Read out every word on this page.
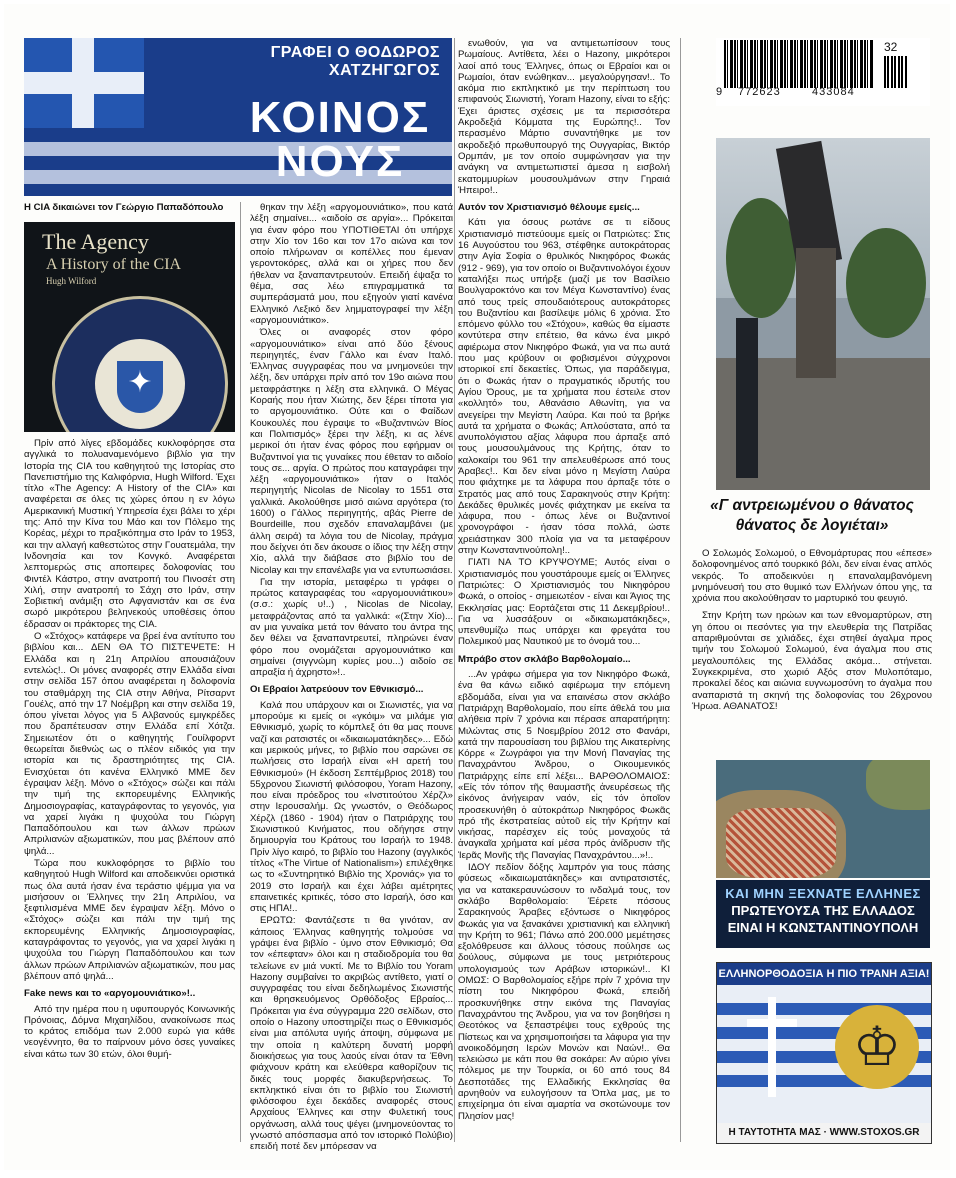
ΓΡΑΦΕΙ Ο ΘΟΔΩΡΟΣ
ΧΑΤΖΗΓΩΓΟΣ
ΚΟΙΝΟΣ
ΝΟΥΣ
9 772623	433084
32
Η CIA δικαιώνει τον Γεώργιο Παπαδόπουλο
The Agency
A History of the CIA
Hugh Wilford
✦

Πρίν από λίγες εβδομάδες κυκλοφόρησε στα αγγλικά το πολυαναμενόμενο βιβλίο για την Ιστορία της CIA του καθηγητού της Ιστορίας στο Πανεπιστήμιο της Καλιφόρνια, Hugh Wilford. Έχει τίτλο «The Agency: A History of the CIA» και αναφέρεται σε όλες τις χώρες όπου η εν λόγω Αμερικανική Μυστική Υπηρεσία έχει βάλει το χέρι της: Από την Κίνα του Μάο και τον Πόλεμο της Κορέας, μέχρι το πραξικόπημα στο Ιράν το 1953, και την αλλαγή καθεστώτος στην Γουατεμάλα, την Ινδονησία και τον Κονγκό. Αναφέρεται λεπτομερώς στις αποπειρες δολοφονίας του Φιντέλ Κάστρο, στην ανατροπή του Πινοσέτ στη Χιλή, στην ανατροπή το Σάχη στο Ιράν, στην Σοβιετική ανάμιξη στο Αφγανιστάν και σε ένα σωρό μικρότερου βεληνεκούς υποθέσεις όπου έδρασαν οι πράκτορες της CIA.

Ο «Στόχος» κατάφερε να βρεί ένα αντίτυπο του βιβλίου και... ΔΕΝ ΘΑ ΤΟ ΠΙΣΤΈΨΕΤΕ: Η Ελλάδα και η 21η Απριλίου απουσιάζουν εντελώς!.. Οι μόνες αναφορές στην Ελλάδα είναι στην σελίδα 157 όπου αναφέρεται η δολοφονία του σταθμάρχη της CIA στην Αθήνα, Ρίτσαρντ Γουέλς, από την 17 Νοέμβρη και στην σελίδα 19, όπου γίνεται λόγος για 5 Αλβανούς εμιγκρέδες που δραπέτευσαν στην Ελλάδα επί Χότζα. Σημειωτέον ότι ο καθηγητής Γουίλφορντ θεωρείται διεθνώς ως ο πλέον ειδικός για την ιστορία και τις δραστηριότητες της CIA. Ενισχύεται ότι κανένα Ελληνικό ΜΜΕ δεν έγραψαν λέξη. Μόνο ο «Στόχος» σώζει και πάλι την τιμή της εκπορευμένης Ελληνικής Δημοσιογραφίας, καταγράφοντας το γεγονός, για να χαρεί λιγάκι η ψυχούλα του Γιώργη Παπαδόπουλου και των άλλων πρώων Απριλιανών αξιωματικών, που μας βλέπουν από ψηλά...

Τώρα που κυκλοφόρησε το βιβλίο του καθηγητού Hugh Wilford και αποδεικνύει οριστικά πως όλα αυτά ήσαν ένα τεράστιο ψέμμα για να μισήσουν οι Έλληνες την 21η Απριλίου, να ξεφτιλισμένα ΜΜΕ δεν έγραψαν λέξη. Μόνο ο «Στόχος» σώζει και πάλι την τιμή της εκπορευμένης Ελληνικής Δημοσιογραφίας, καταγράφοντας το γεγονός, για να χαρεί λιγάκι η ψυχούλα του Γιώργη Παπαδόπουλου και των άλλων πρώων Απριλιανών αξιωματικών, που μας βλέπουν από ψηλά...

Fake news και το «αργομουνιάτικο»!..

Από την ημέρα που η υφυπουργός Κοινωνικής Πρόνοιας, Δόμνα Μιχαηλίδου, ανακοίνωσε πως το κράτος επιδόμα των 2.000 ευρώ για κάθε νεογέννητο, θα το παίρνουν μόνο όσες γυναίκες είναι κάτω των 30 ετών, όλοι θυμή-

θηκαν την λέξη «αργομουνιάτικο», που κατά λέξη σημαίνει... «αιδοίο σε αργία»... Πρόκειται για έναν φόρο που ΥΠΟΤΙΘΕΤΑΙ ότι υπήρχε στην Χίο τον 16ο και τον 17ο αιώνα και τον οποίο πλήρωναν οι κοπέλλες που έμεναν γεροντοκόρες, αλλά και οι χήρες που δεν ήθελαν να ξαναπαντρευτούν. Επειδή έψαξα το θέμα, σας λέω επιγραμματικά τα συμπεράσματά μου, που εξηγούν γιατί κανένα Ελληνικό Λεξικό δεν λημματογραφεί την λέξη «αργομουνιάτικο».

Όλες οι αναφορές στον φόρο «αργομουνιάτικο» είναι από δύο ξένους περιηγητές, έναν Γάλλο και έναν Ιταλό. Έλληνας συγγραφέας που να μνημονεύει την λέξη, δεν υπάρχει πρίν από τον 19ο αιώνα που μεταφράστηκε η λέξη στα ελληνικά. Ο Μέγας Κοραής που ήταν Χιώτης, δεν ξέρει τίποτα για το αργομουνιάτικο. Ούτε και ο Φαίδων Κουκουλές που έγραψε το «Βυζαντινών Βίος και Πολιτισμός» ξέρει την λέξη, κι ας λένε μερικοί ότι ήταν ένας φόρος που εφήρμαν οι Βυζαντινοί για τις γυναίκες που έθεταν το αιδοίο τους σε... αργία. Ο πρώτος που καταγράφει την λέξη «αργομουνιάτικο» ήταν ο Ιταλός περιηγητής Nicolas de Nicolay το 1551 στα γαλλικά. Ακολούθησε μισό αιώνα αργότερα (το 1600) ο Γάλλος περιηγητής, αβάς Pierre de Bourdeille, που σχεδόν επαναλαμβάνει (με άλλη σειρά) τα λόγια του de Nicolay, πράγμα που δείχνει ότι δεν άκουσε ο ίδιος την λέξη στην Χίο, αλλά την διάβασε στο βιβλίο του de Nicolay και την επανέλαβε για να εντυπωσιάσει.

Για την ιστορία, μεταφέρω τι γράφει ο πρώτος καταγραφέας του «αργομουνιάτικου» (σ.σ.: χωρίς υ!..) , Nicolas de Nicolay, μεταφράζοντας από τα γαλλικά: «(Στην Χίο)... αν μια γυναίκα μετά τον θάνατο του άντρα της δεν θέλει να ξαναπαντρευτεί, πληρώνει έναν φόρο που ονομάζεται αργομουνιάτικο και σημαίνει (σιγγνώμη κυρίες μου...) αιδοίο σε απραξία ή άχρηστο»!..

Οι Εβραίοι λατρεύουν τον Εθνικισμό...

Καλά που υπάρχουν και οι Σιωνιστές, για να μπορούμε κι εμείς οι «γκόιμ» να μιλάμε για Εθνικισμό, χωρίς το κόμπλεξ ότι θα μας πουνε ναζί και ρατσιστές οι «δικαιωματάκηδες»... Εδώ και μερικούς μήνες, το βιβλίο που σαρώνει σε πωλήσεις στο Ισραήλ είναι «Η αρετή του Εθνικισμού» (Η έκδοση Σεπτέμβριος 2018) του 55χρονου Σιωνιστή φιλόσοφου, Yoram Hazony, που είναι πρόεδρος του «Ινστιτούτου Χέρζλ» στην Ιερουσαλήμ. Ως γνωστόν, ο Θεόδωρος Χέρζλ (1860 - 1904) ήταν ο Πατριάρχης του Σιωνιστικού Κινήματος, που οδήγησε στην δημιουργία του Κράτους του Ισραήλ το 1948. Πρίν λίγο καιρό, το βιβλίο του Hazony (αγγλικός τίτλος «The Virtue of Nationalism») επιλέχθηκε ως το «Συντηρητικό Βιβλίο της Χρονιάς» για το 2019 στο Ισραήλ και έχει λάβει αμέτρητες επαινετικές κριτικές, τόσο στο Ισραήλ, όσο και στις ΗΠΑ!..

ΕΡΩΤΩ: Φαντάζεστε τι θα γινόταν, αν κάποιος Έλληνας καθηγητής τολμούσε να γράψει ένα βιβλίο - ύμνο στον Εθνικισμό; Θα τον «έπεφταν» όλοι και η σταδιοδρομία του θα τελείωνε εν μιά νυκτί. Με το Βιβλίο του Yoram Hazony συμβαίνει το ακριβώς αντίθετο, γιατί ο συγγραφέας του είναι δεδηλωμένος Σιωνιστής και θρησκευόμενος Ορθόδοξος Εβραίος... Πρόκειται για ένα σύγγραμμα 220 σελίδων, στο οποίο ο Hazony υποστηρίζει πως ο Εθνικισμός είναι μια απόλυτα υγιής άποψη, σύμφωνα με την οποία η καλύτερη δυνατή μορφή διοικήσεως για τους λαούς είναι όταν τα Έθνη φιάχνουν κράτη και ελεύθερα καθορίζουν τις δικές τους μορφές διακυβερνήσεως. Το εκπληκτικό είναι ότι το βιβλίο του Σιωνιστή φιλόσοφου έχει δεκάδες αναφορές στους Αρχαίους Έλληνες και στην Φυλετική τους οργάνωση, αλλά τους ψέγει (μνημονεύοντας το γνωστό απόσπασμα από τον ιστορικό Πολύβιο) επειδή ποτέ δεν μπόρεσαν να

ενωθούν, για να αντιμετωπίσουν τους Ρωμαίους. Αντίθετα, λέει ο Hazony, μικρότεροι λαοί από τους Έλληνες, όπως οι Εβραίοι και οι Ρωμαίοι, όταν ενώθηκαν... μεγαλούργησαν!.. Το ακόμα πιο εκπληκτικό με την περίπτωση του επιφανούς Σιωνιστή, Yoram Hazony, είναι το εξής: Έχει άριστες σχέσεις με τα περισσότερα Ακροδεξιά Κόμματα της Ευρώπης!.. Τον περασμένο Μάρτιο συναντήθηκε με τον ακροδεξιό πρωθυπουργό της Ουγγαρίας, Βικτόρ Ορμπάν, με τον οποίο συμφώνησαν για την ανάγκη να αντιμετωπιστεί άμεσα η εισβολή εκατομμυρίων μουσουλμάνων στην Γηραιά Ήπειρο!..

Αυτόν τον Χριστιανισμό θέλουμε εμείς...

Κάτι για όσους ρωτάνε σε τι είδους Χριστιανισμό πιστεύουμε εμείς οι Πατριώτες: Στις 16 Αυγούστου του 963, στέφθηκε αυτοκράτορας στην Αγία Σοφία ο θρυλικός Νικηφόρος Φωκάς (912 - 969), για τον οποίο οι Βυζαντινολόγοι έχουν καταλήξει πως υπήρξε (μαζί με τον Βασίλειο Βουλγαροκτόνο και τον Μέγα Κωνσταντίνο) ένας από τους τρείς σπουδαιότερους αυτοκράτορες του Βυζαντίου και βασίλεψε μόλις 6 χρόνια. Στο επόμενο φύλλο του «Στόχου», καθώς θα είμαστε κοντύτερα στην επέτειο, θα κάνω ένα μικρό αφιέρωμα στον Νικηφόρο Φωκά, για να πω αυτά που μας κρύβουν οι φοβισμένοι σύγχρονοι ιστορικοί επί δεκαετίες. Όπως, για παράδειγμα, ότι ο Φωκάς ήταν ο πραγματικός ιδρυτής του Αγίου Όρους, με τα χρήματα που έστειλε στον «κολλητό» του, Αθανάσιο Αθωνίτη, για να ανεγείρει την Μεγίστη Λαύρα. Και πού τα βρήκε αυτά τα χρήματα ο Φωκάς; Απλούστατα, από τα ανυπολόγιστου αξίας λάφυρα που άρπαξε από τους μουσουλμάνους της Κρήτης, όταν το καλοκαίρι του 961 την απελευθέρωσε από τους Άραβες!.. Και δεν είναι μόνο η Μεγίστη Λαύρα που φιάχτηκε με τα λάφυρα που άρπαξε τότε ο Στρατός μας από τους Σαρακηνούς στην Κρήτη: Δεκάδες θρυλικές μονές φιάχτηκαν με εκείνα τα λάφυρα, που - όπως λένε οι Βυζαντινοί χρονογράφοι - ήσαν τόσα πολλά, ώστε χρειάστηκαν 300 πλοία για να τα μεταφέρουν στην Κωνσταντινούπολη!..

ΓΙΑΤΙ ΝΑ ΤΟ ΚΡΥΨΟΥΜΕ; Αυτός είναι ο Χριστιανισμός που γουστάρουμε εμείς οι Έλληνες Πατριώτες: Ο Χριστιανισμός του Νικηφόρου Φωκά, ο οποίος - σημειωτέον - είναι και Άγιος της Εκκλησίας μας: Εορτάζεται στις 11 Δεκεμβρίου!.. Για να λυσσάξουν οι «δικαιωματάκηδες», υπενθυμίζω πως υπάρχει και φρεγάτα του Πολεμικού μας Ναυτικού με το όνομά του...

Μπράβο στον σκλάβο Βαρθολομαίο...

...Αν γράφω σήμερα για τον Νικηφόρο Φωκά, ένα θα κάνω ειδικό αφιέρωμα την επόμενη εβδομάδα, είναι για να επαινέσω στον σκλάβο Πατριάρχη Βαρθολομαίο, που είπε άθελά του μια αλήθεια πρίν 7 χρόνια και πέρασε απαρατήρητη: Μιλώντας στις 5 Νοεμβρίου 2012 στο Φανάρι, κατά την παρουσίαση του βιβλίου της Αικατερίνης Κόρρε « Ζωγράφοι για την Μονή Παναγίας της Παναχράντου Άνδρου, ο Οικουμενικός Πατριάρχης είπε επί λέξει... ΒΑΡΘΟΛΟΜΑΙΟΣ: «Είς τόν τόπον τῆς θαυμαστῆς ἀνευρέσεως τῆς εἰκόνος ἀνήγειραν ναόν, εἰς τόν ὁποῖον προσεκυνήθη ὁ αὐτοκράτωρ Νικηφόρος Φωκᾶς πρό τῆς ἐκστρατείας αὐτοῦ εἰς τήν Κρήτην καί νικήσας, παρέσχεν εἰς τούς μοναχούς τά ἀναγκαῖα χρήματα καί μέσα πρός ἀνίδρυσιν τῆς Ἱερᾶς Μονῆς τῆς Παναγίας Παναχράντου...»!..

ΙΔΟΥ πεδίον δόξης λαμπρόν για τους πάσης φύσεως «δικαιωματάκηδες» και αντιρατσιστές, για να κατακεραυνώσουν το ινδαλμά τους, τον σκλάβο Βαρθολομαίο: Έέρετε πόσους Σαρακηνούς Άραβες εξόντωσε ο Νικηφόρος Φωκάς για να ξανακάνει χριστιανική και ελληνική την Κρήτη το 961; Πάνω από 200.000 μεμέτησες εξολόθρευσε και άλλους τόσους πούλησε ως δούλους, σύμφωνα με τους μετριότερους υπολογισμούς των Αράβων ιστορικών!.. ΚΙ ΟΜΩΣ: Ο Βαρθολομαίος εξήρε πρίν 7 χρόνια την πίστη του Νικηφόρου Φωκά, επειδή προσκυνήθηκε στην εικόνα της Παναγίας Παναχράντου της Άνδρου, για να τον βοηθήσει η Θεοτόκος να ξεπαστρέψει τους εχθρούς της Πίστεως και να χρησιμοποιήσει τα λάφυρα για την ανοικοδόμηση Ιερών Μονών και Ναών!.. Θα τελειώσω με κάτι που θα σοκάρει: Αν αύριο γίνει πόλεμος με την Τουρκία, οι 60 από τους 84 Δεσποτάδες της Ελλαδικής Εκκλησίας θα αρνηθούν να ευλογήσουν τα Όπλα μας, με το επιχείρημα ότι είναι αμαρτία να σκοτώνουμε τον Πλησίον μας!

«Γ αντρειωμένου ο θάνατος
θάνατος δε λογιέται»

Ο Σολωμός Σολωμού, ο Εθνομάρτυρας που «έπεσε» δολοφονημένος από τουρκικό βόλι, δεν είναι ένας απλός νεκρός. Το αποδεικνύει η επαναλαμβανόμενη μνημόνευσή του στο θυμικό των Ελλήνων όπου γης, τα χρόνια που ακολούθησαν το μαρτυρικό του φευγιό.

Στην Κρήτη των ηρώων και των εθνομαρτύρων, στη γη όπου οι πεσόντες για την ελευθερία της Πατρίδας απαριθμούνται σε χιλιάδες, έχει στηθεί άγαλμα προς τιμήν του Σολωμού Σολωμού, ένα άγαλμα που στις μεγαλουπόλεις της Ελλάδας ακόμα... στήνεται. Συγκεκριμένα, στο χωριό Αξός στον Μυλοπόταμο, προκαλεί δέος και αιώνια ευγνωμοσύνη το άγαλμα που αναπαριστά τη σκηνή της δολοφονίας του 26χρονου Ήρωα. ΑΘΑΝΑΤΟΣ!

ΚΑΙ ΜΗΝ ΞΕΧΝΑΤΕ ΕΛΛΗΝΕΣ
ΠΡΩΤΕΥΟΥΣΑ ΤΗΣ ΕΛΛΑΔΟΣ
ΕΙΝΑΙ Η ΚΩΝΣΤΑΝΤΙΝΟΥΠΟΛΗ
ΕΛΛΗΝΟΡΘΟΔΟΞΙΑ Η ΠΙΟ ΤΡΑΝΗ ΑΞΙΑ!
♔
Η ΤΑΥΤΟΤΗΤΑ ΜΑΣ · WWW.STOXOS.GR
